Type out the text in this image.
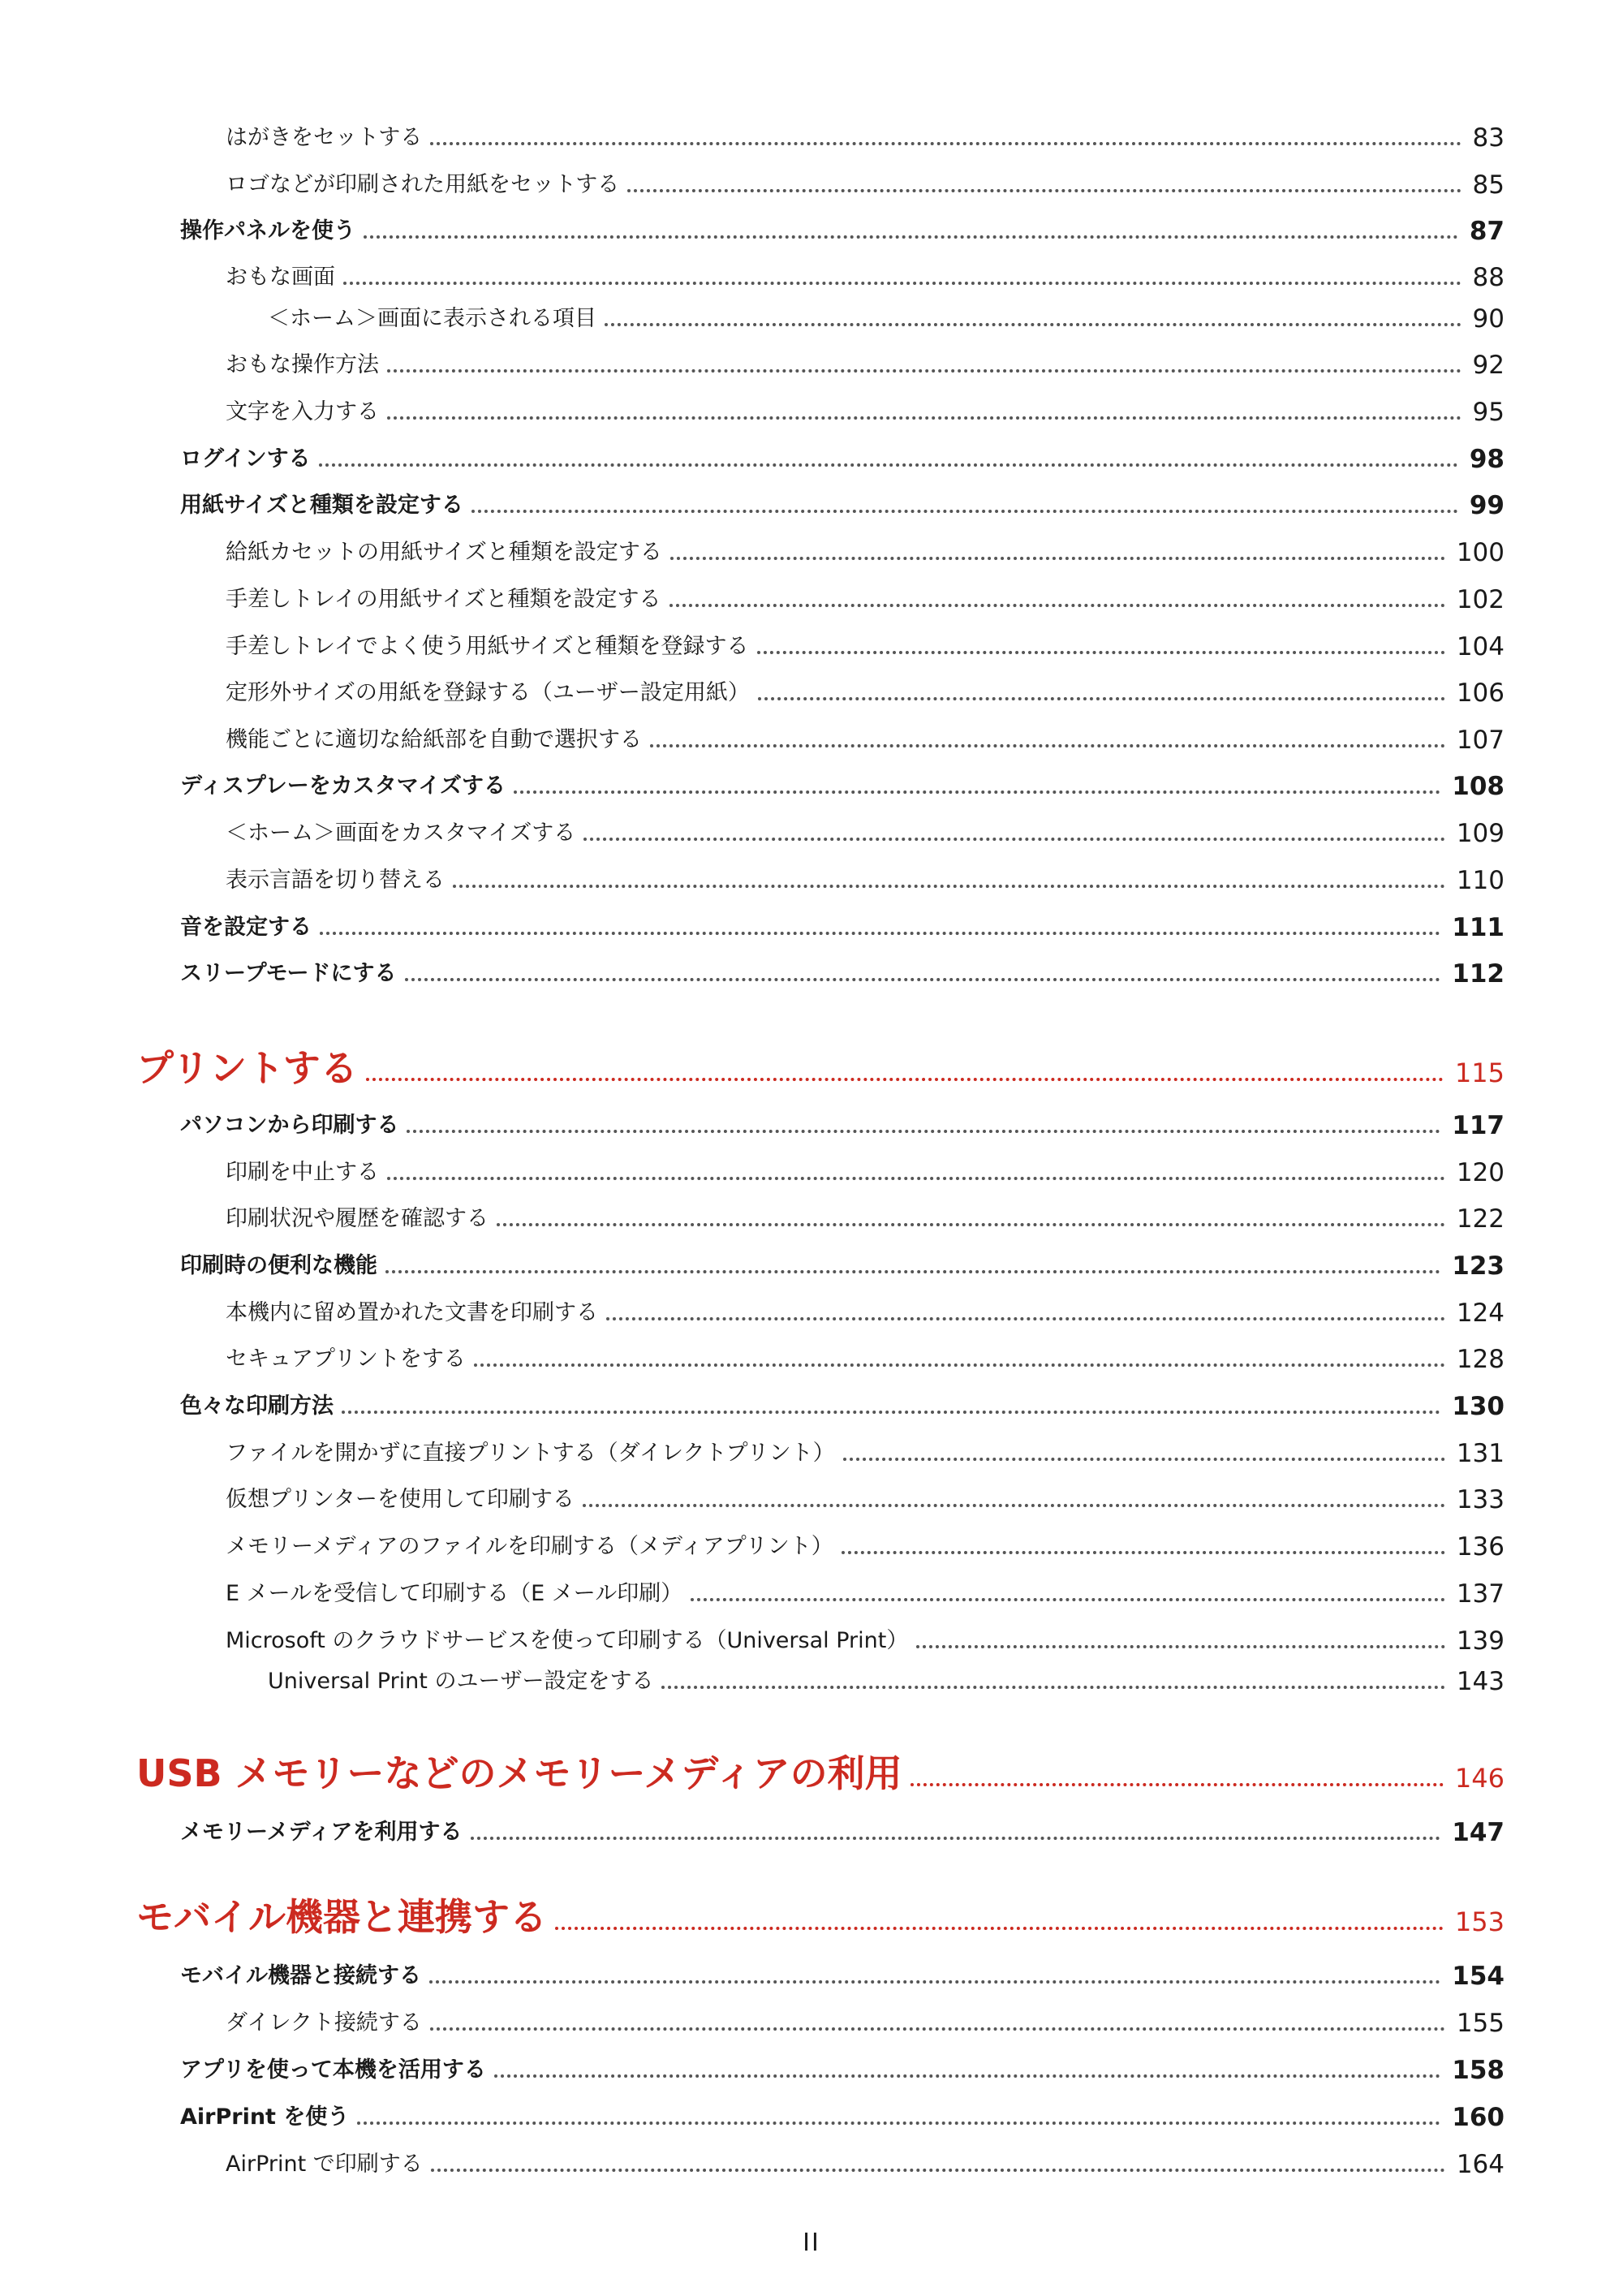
はがきをセットする	83
ロゴなどが印刷された用紙をセットする	85
操作パネルを使う	87
おもな画面	88
＜ホーム＞画面に表示される項目	90
おもな操作方法	92
文字を入力する	95
ログインする	98
用紙サイズと種類を設定する	99
給紙カセットの用紙サイズと種類を設定する	100
手差しトレイの用紙サイズと種類を設定する	102
手差しトレイでよく使う用紙サイズと種類を登録する	104
定形外サイズの用紙を登録する（ユーザー設定用紙）	106
機能ごとに適切な給紙部を自動で選択する	107
ディスプレーをカスタマイズする	108
＜ホーム＞画面をカスタマイズする	109
表示言語を切り替える	110
音を設定する	111
スリープモードにする	112
プリントする	115
パソコンから印刷する	117
印刷を中止する	120
印刷状況や履歴を確認する	122
印刷時の便利な機能	123
本機内に留め置かれた文書を印刷する	124
セキュアプリントをする	128
色々な印刷方法	130
ファイルを開かずに直接プリントする（ダイレクトプリント）	131
仮想プリンターを使用して印刷する	133
メモリーメディアのファイルを印刷する（メディアプリント）	136
E メールを受信して印刷する（E メール印刷）	137
Microsoft のクラウドサービスを使って印刷する（Universal Print）	139
Universal Print のユーザー設定をする	143
USB メモリーなどのメモリーメディアの利用	146
メモリーメディアを利用する	147
モバイル機器と連携する	153
モバイル機器と接続する	154
ダイレクト接続する	155
アプリを使って本機を活用する	158
AirPrint を使う	160
AirPrint で印刷する	164
II
